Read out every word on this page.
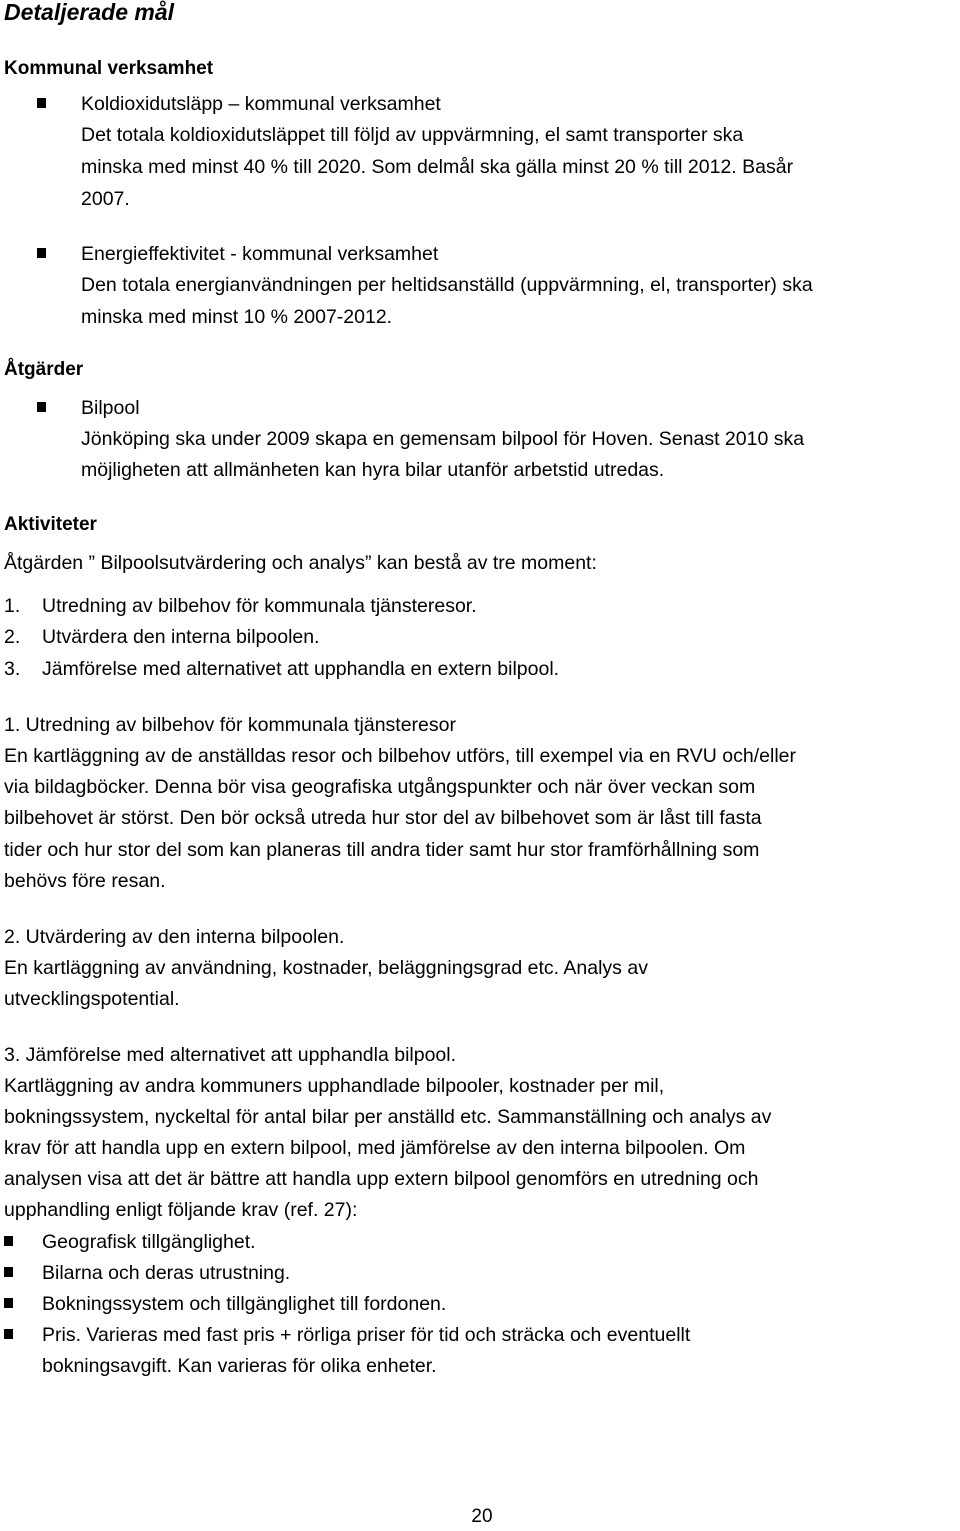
Detaljerade mål
Kommunal verksamhet
Koldioxidutsläpp – kommunal verksamhet
Det totala koldioxidutsläppet till följd av uppvärmning, el samt transporter ska
minska med minst 40 % till 2020. Som delmål ska gälla minst 20 % till 2012. Basår
2007.
Energieffektivitet - kommunal verksamhet
Den totala energianvändningen per heltidsanställd (uppvärmning, el, transporter) ska
minska med minst 10 % 2007-2012.
Åtgärder
Bilpool
Jönköping ska under 2009 skapa en gemensam bilpool för Hoven. Senast 2010 ska
möjligheten att allmänheten kan hyra bilar utanför arbetstid utredas.
Aktiviteter
Åtgärden ” Bilpoolsutvärdering och analys” kan bestå av tre moment:
1. Utredning av bilbehov för kommunala tjänsteresor.
2. Utvärdera den interna bilpoolen.
3. Jämförelse med alternativet att upphandla en extern bilpool.
1. Utredning av bilbehov för kommunala tjänsteresor
En kartläggning av de anställdas resor och bilbehov utförs, till exempel via en RVU och/eller
via bildagböcker. Denna bör visa geografiska utgångspunkter och när över veckan som
bilbehovet är störst. Den bör också utreda hur stor del av bilbehovet som är låst till fasta
tider och hur stor del som kan planeras till andra tider samt hur stor framförhållning som
behövs före resan.
2. Utvärdering av den interna bilpoolen.
En kartläggning av användning, kostnader, beläggningsgrad etc. Analys av
utvecklingspotential.
3. Jämförelse med alternativet att upphandla bilpool.
Kartläggning av andra kommuners upphandlade bilpooler, kostnader per mil,
bokningssystem, nyckeltal för antal bilar per anställd etc. Sammanställning och analys av
krav för att handla upp en extern bilpool, med jämförelse av den interna bilpoolen. Om
analysen visa att det är bättre att handla upp extern bilpool genomförs en utredning och
upphandling enligt följande krav (ref. 27):
Geografisk tillgänglighet.
Bilarna och deras utrustning.
Bokningssystem och tillgänglighet till fordonen.
Pris. Varieras med fast pris + rörliga priser för tid och sträcka och eventuellt
bokningsavgift. Kan varieras för olika enheter.
20
